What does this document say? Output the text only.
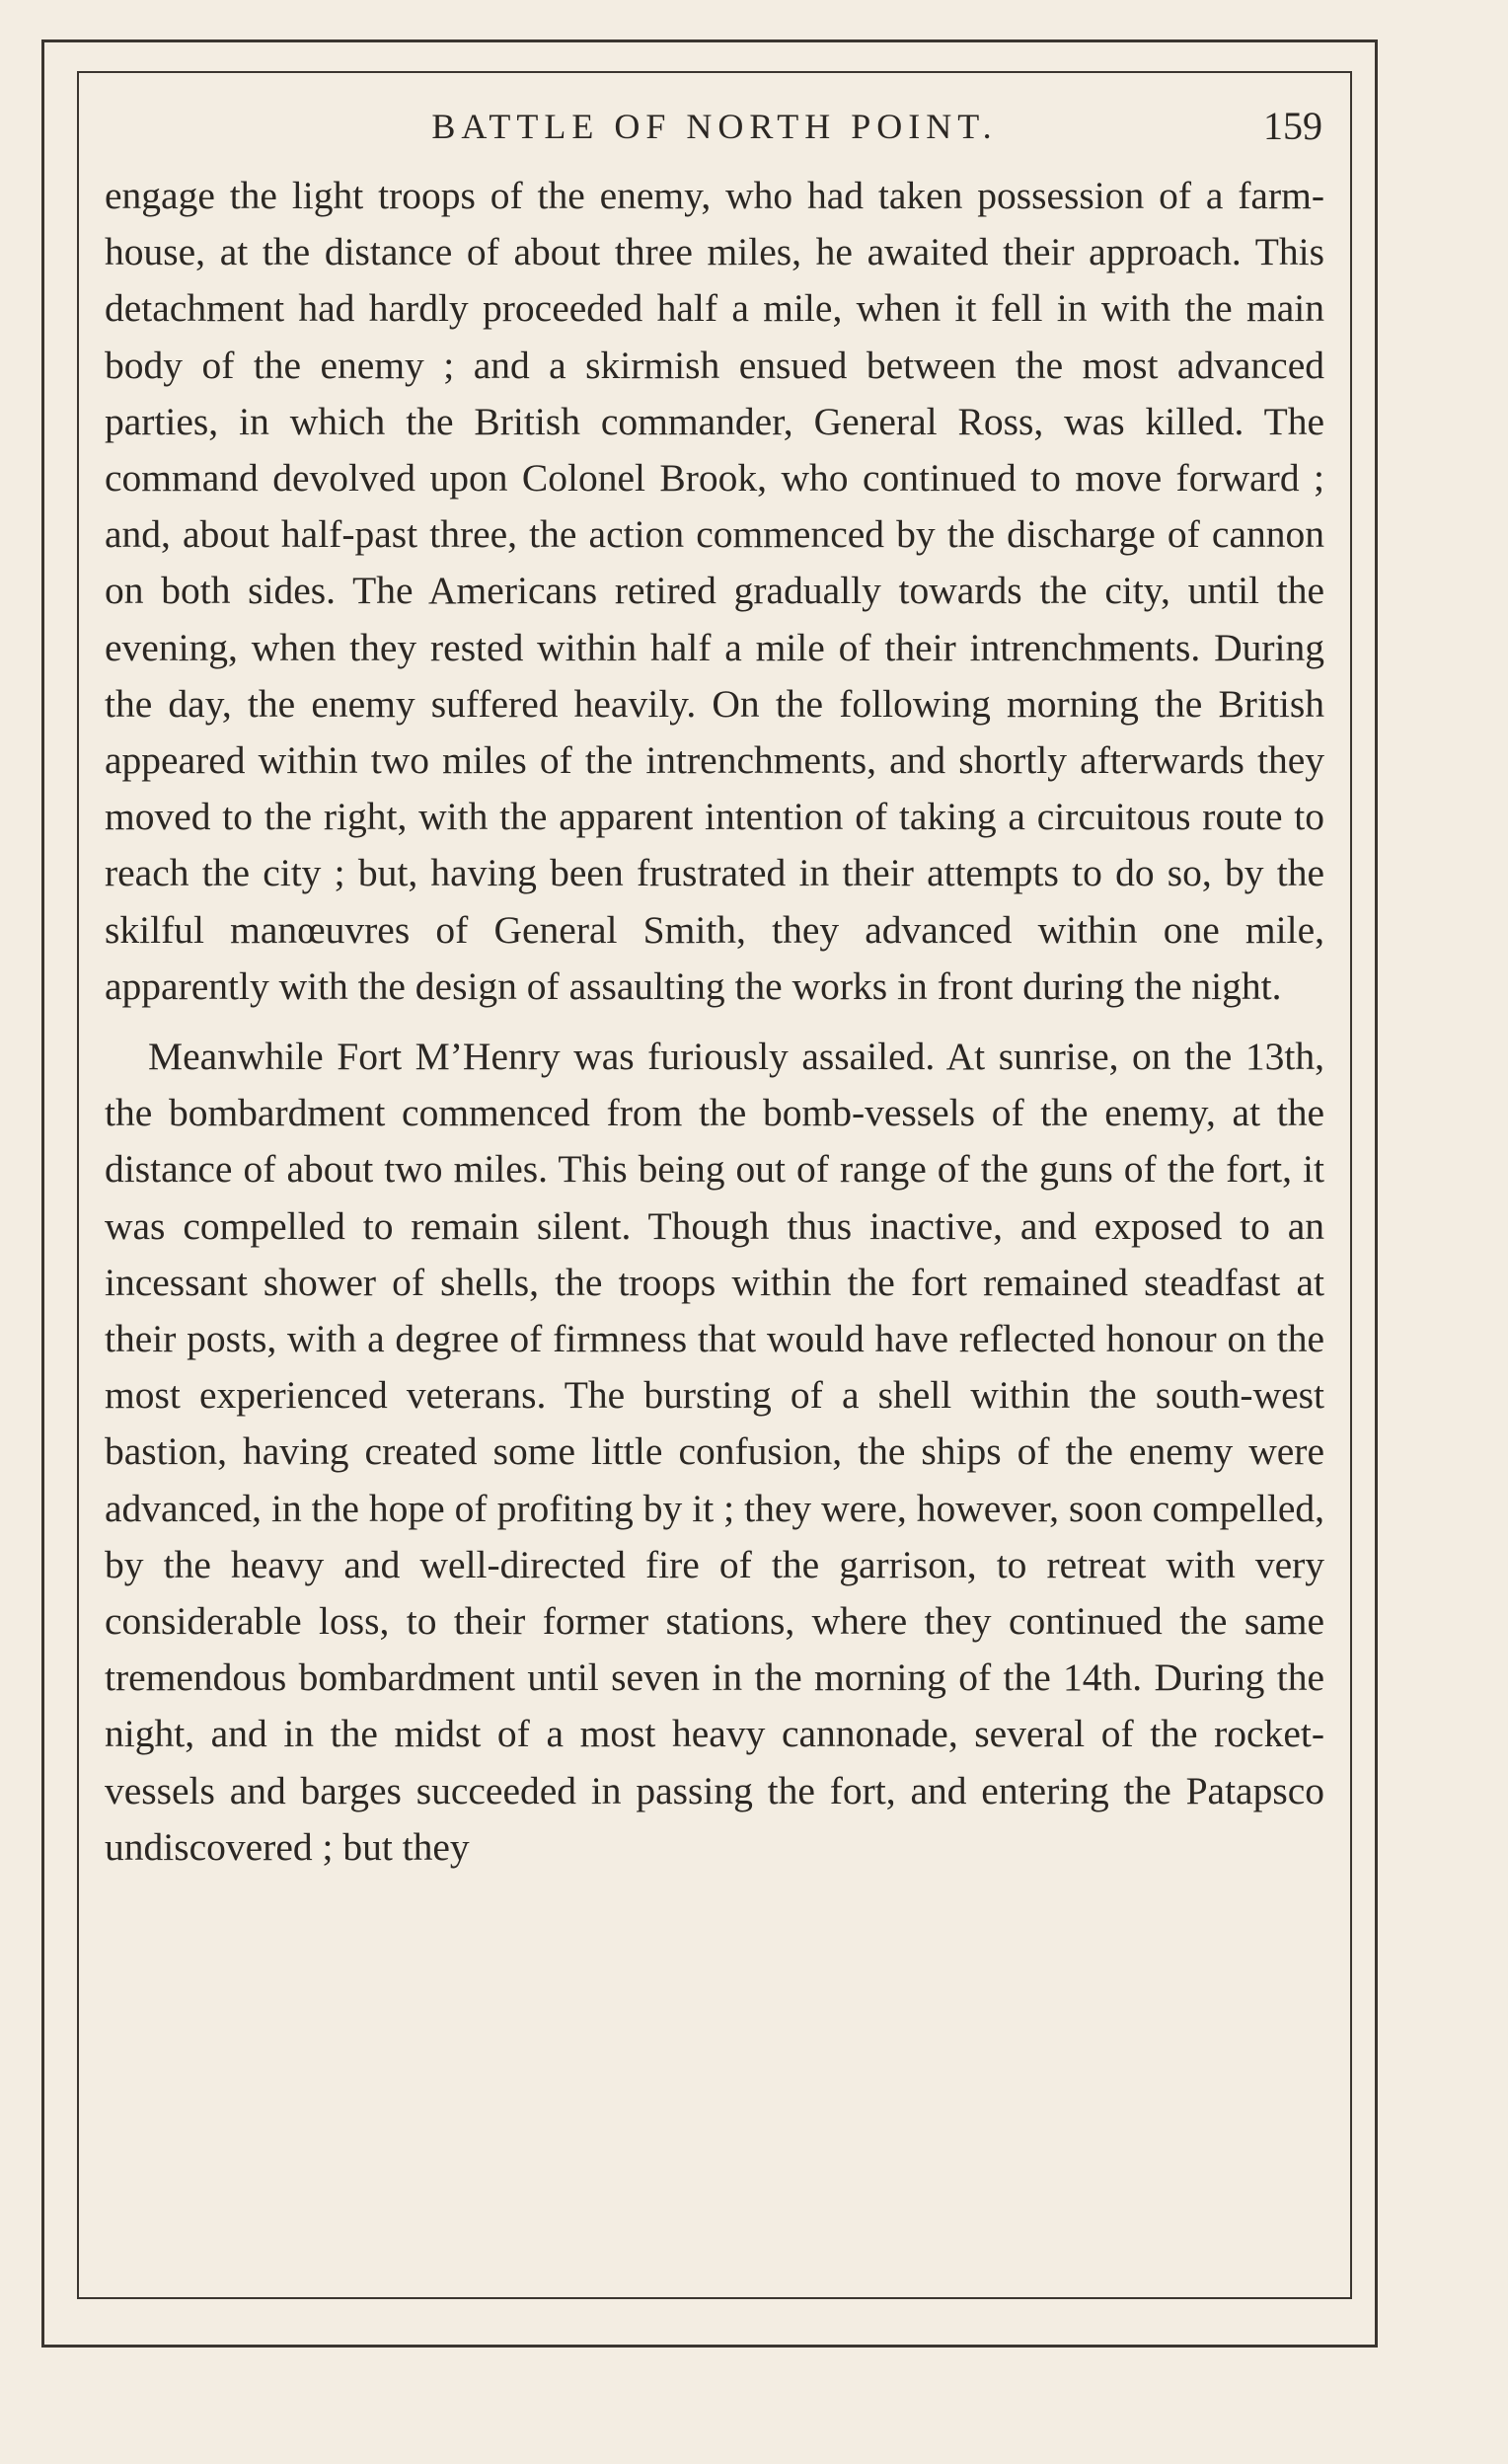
BATTLE OF NORTH POINT.	159

engage the light troops of the enemy, who had taken possession of a farm-house, at the distance of about three miles, he awaited their approach. This detachment had hardly proceeded half a mile, when it fell in with the main body of the enemy ; and a skirmish ensued between the most advanced parties, in which the British commander, General Ross, was killed. The command devolved upon Colonel Brook, who continued to move forward ; and, about half-past three, the action commenced by the discharge of cannon on both sides. The Americans retired gradually towards the city, until the evening, when they rested within half a mile of their intrenchments. During the day, the enemy suffered heavily. On the following morning the British appeared within two miles of the intrenchments, and shortly afterwards they moved to the right, with the apparent intention of taking a circuitous route to reach the city ; but, having been frustrated in their attempts to do so, by the skilful manœuvres of General Smith, they advanced within one mile, apparently with the design of assaulting the works in front during the night.

Meanwhile Fort M’Henry was furiously assailed. At sunrise, on the 13th, the bombardment commenced from the bomb-vessels of the enemy, at the distance of about two miles. This being out of range of the guns of the fort, it was compelled to remain silent. Though thus inactive, and exposed to an incessant shower of shells, the troops within the fort remained steadfast at their posts, with a degree of firmness that would have reflected honour on the most experienced veterans. The bursting of a shell within the south-west bastion, having created some little confusion, the ships of the enemy were advanced, in the hope of profiting by it ; they were, however, soon compelled, by the heavy and well-directed fire of the garrison, to retreat with very considerable loss, to their former stations, where they continued the same tremendous bombardment until seven in the morning of the 14th. During the night, and in the midst of a most heavy cannonade, several of the rocket-vessels and barges succeeded in passing the fort, and entering the Patapsco undiscovered ; but they
